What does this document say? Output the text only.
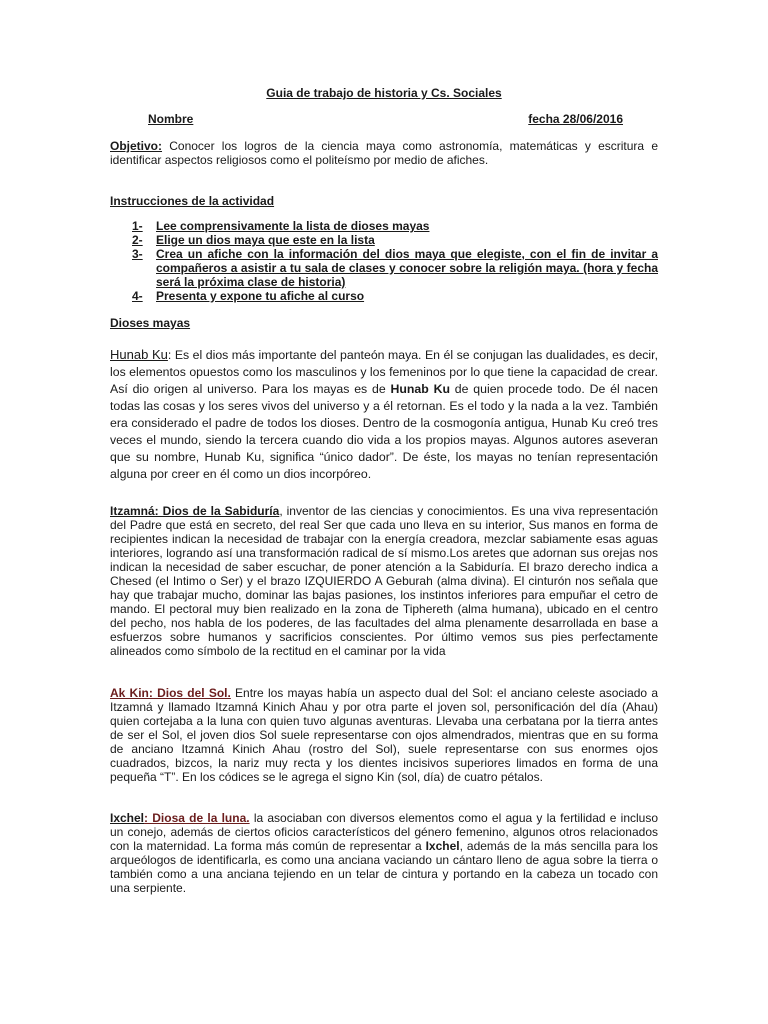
Guia de trabajo de historia y Cs. Sociales
Nombre	fecha 28/06/2016

Objetivo: Conocer los logros de la ciencia maya como astronomía, matemáticas y escritura e identificar aspectos religiosos como el politeísmo por medio de afiches.

Instrucciones de la actividad
1-	Lee comprensivamente la lista de dioses mayas
2-	Elige un dios maya que este en la lista
3-	Crea un afiche con la información del dios maya que elegiste, con el fin de invitar a compañeros a asistir a tu sala de clases y conocer sobre la religión maya. (hora y fecha será la próxima clase de historia)
4-	Presenta y expone tu afiche al curso
Dioses mayas

Hunab Ku: Es el dios más importante del panteón maya. En él se conjugan las dualidades, es decir, los elementos opuestos como los masculinos y los femeninos por lo que tiene la capacidad de crear. Así dio origen al universo. Para los mayas es de Hunab Ku de quien procede todo. De él nacen todas las cosas y los seres vivos del universo y a él retornan. Es el todo y la nada a la vez. También era considerado el padre de todos los dioses. Dentro de la cosmogonía antigua, Hunab Ku creó tres veces el mundo, siendo la tercera cuando dio vida a los propios mayas. Algunos autores aseveran que su nombre, Hunab Ku, significa “único dador”. De éste, los mayas no tenían representación alguna por creer en él como un dios incorpóreo.

Itzamná: Dios de la Sabiduría, inventor de las ciencias y conocimientos. Es una viva representación del Padre que está en secreto, del real Ser que cada uno lleva en su interior, Sus manos en forma de recipientes indican la necesidad de trabajar con la energía creadora, mezclar sabiamente esas aguas interiores, logrando así una transformación radical de sí mismo.Los aretes que adornan sus orejas nos indican la necesidad de saber escuchar, de poner atención a la Sabiduría. El brazo derecho indica a Chesed (el Intimo o Ser) y el brazo IZQUIERDO A Geburah (alma divina). El cinturón nos señala que hay que trabajar mucho, dominar las bajas pasiones, los instintos inferiores para empuñar el cetro de mando. El pectoral muy bien realizado en la zona de Tiphereth (alma humana), ubicado en el centro del pecho, nos habla de los poderes, de las facultades del alma plenamente desarrollada en base a esfuerzos sobre humanos y sacrificios conscientes. Por último vemos sus pies perfectamente alineados como símbolo de la rectitud en el caminar por la vida

Ak Kin: Dios del Sol. Entre los mayas había un aspecto dual del Sol: el anciano celeste asociado a Itzamná y llamado Itzamná Kinich Ahau y por otra parte el joven sol, personificación del día (Ahau) quien cortejaba a la luna con quien tuvo algunas aventuras. Llevaba una cerbatana por la tierra antes de ser el Sol, el joven dios Sol suele representarse con ojos almendrados, mientras que en su forma de anciano Itzamná Kinich Ahau (rostro del Sol), suele representarse con sus enormes ojos cuadrados, bizcos, la nariz muy recta y los dientes incisivos superiores limados en forma de una pequeña “T”. En los códices se le agrega el signo Kin (sol, día) de cuatro pétalos.

Ixchel: Diosa de la luna. la asociaban con diversos elementos como el agua y la fertilidad e incluso un conejo, además de ciertos oficios característicos del género femenino, algunos otros relacionados con la maternidad. La forma más común de representar a Ixchel, además de la más sencilla para los arqueólogos de identificarla, es como una anciana vaciando un cántaro lleno de agua sobre la tierra o también como a una anciana tejiendo en un telar de cintura y portando en la cabeza un tocado con una serpiente.
